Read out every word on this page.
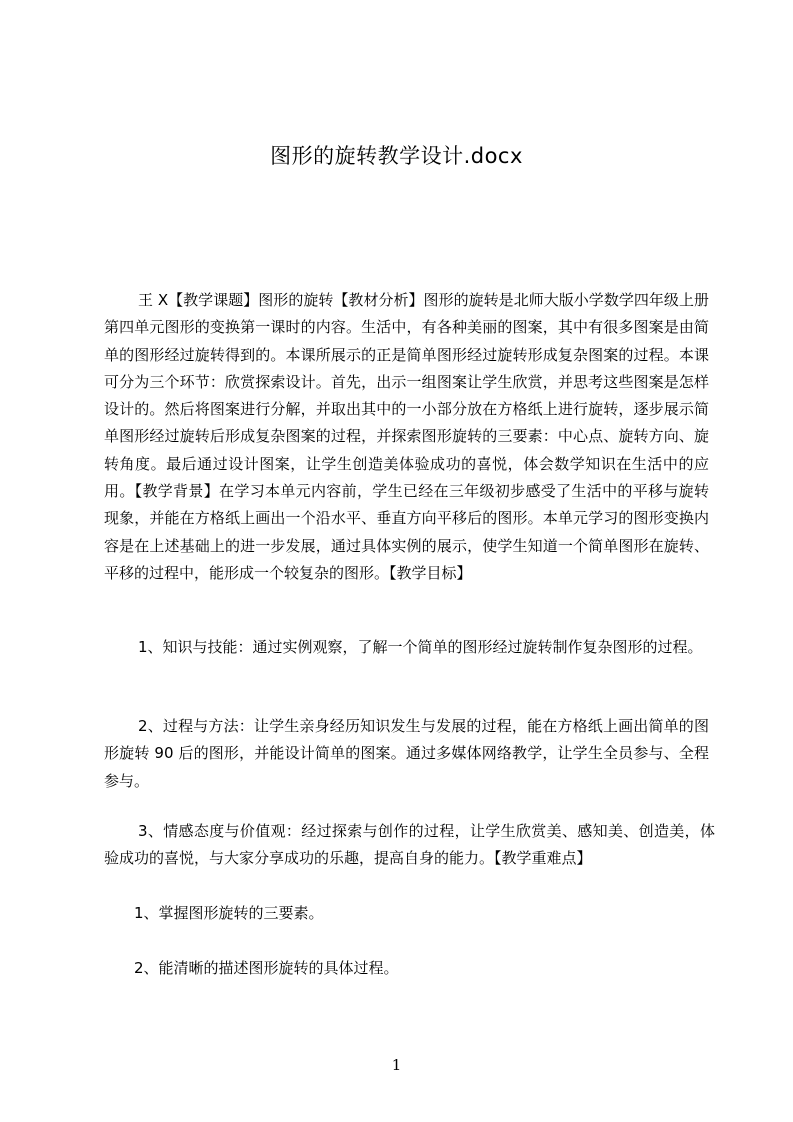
图形的旋转教学设计.docx

王 X【教学课题】图形的旋转【教材分析】图形的旋转是北师大版小学数学四年级上册第四单元图形的变换第一课时的内容。生活中，有各种美丽的图案，其中有很多图案是由简单的图形经过旋转得到的。本课所展示的正是简单图形经过旋转形成复杂图案的过程。本课可分为三个环节：欣赏探索设计。首先，出示一组图案让学生欣赏，并思考这些图案是怎样设计的。然后将图案进行分解，并取出其中的一小部分放在方格纸上进行旋转，逐步展示简单图形经过旋转后形成复杂图案的过程，并探索图形旋转的三要素：中心点、旋转方向、旋转角度。最后通过设计图案，让学生创造美体验成功的喜悦，体会数学知识在生活中的应用。【教学背景】在学习本单元内容前，学生已经在三年级初步感受了生活中的平移与旋转现象，并能在方格纸上画出一个沿水平、垂直方向平移后的图形。本单元学习的图形变换内容是在上述基础上的进一步发展，通过具体实例的展示，使学生知道一个简单图形在旋转、平移的过程中，能形成一个较复杂的图形。【教学目标】

1、知识与技能：通过实例观察，了解一个简单的图形经过旋转制作复杂图形的过程。

2、过程与方法：让学生亲身经历知识发生与发展的过程，能在方格纸上画出简单的图形旋转 90 后的图形，并能设计简单的图案。通过多媒体网络教学，让学生全员参与、全程参与。

3、情感态度与价值观：经过探索与创作的过程，让学生欣赏美、感知美、创造美，体验成功的喜悦，与大家分享成功的乐趣，提高自身的能力。【教学重难点】

1、掌握图形旋转的三要素。

2、能清晰的描述图形旋转的具体过程。

1
